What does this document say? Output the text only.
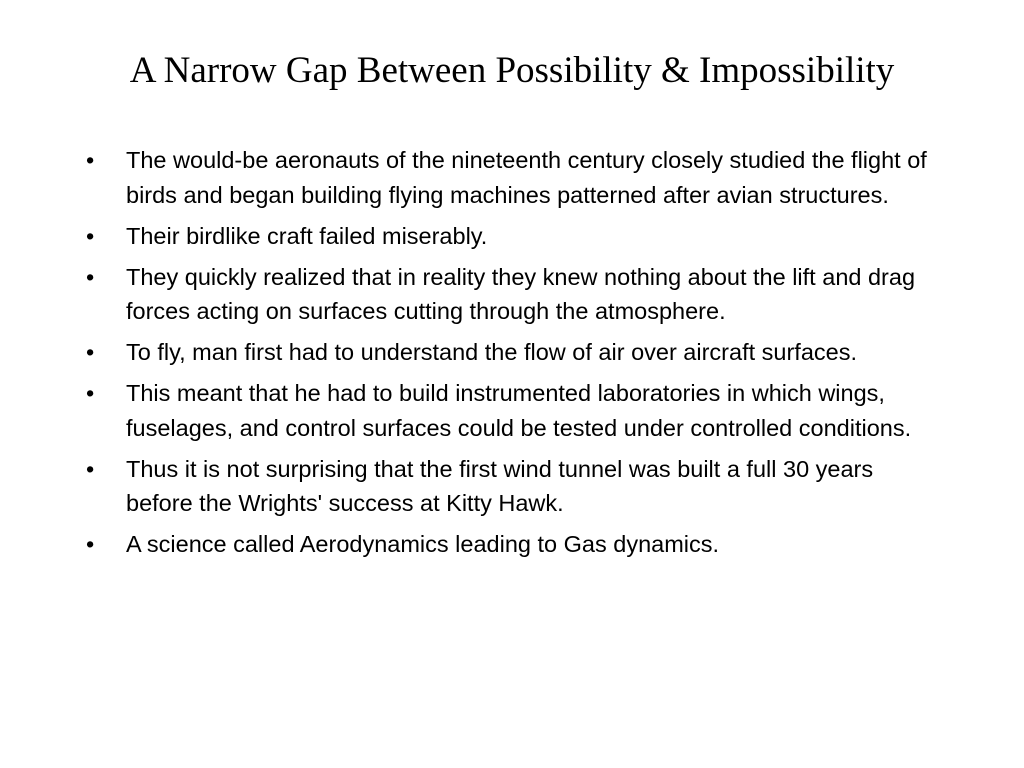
A Narrow Gap Between Possibility & Impossibility
• The would-be aeronauts of the nineteenth century closely studied the flight of birds and began building flying machines patterned after avian structures.
• Their birdlike craft failed miserably.
• They quickly realized that in reality they knew nothing about the lift and drag forces acting on surfaces cutting through the atmosphere.
• To fly, man first had to understand the flow of air over aircraft surfaces.
• This meant that he had to build instrumented laboratories in which wings, fuselages, and control surfaces could be tested under controlled conditions.
• Thus it is not surprising that the first wind tunnel was built a full 30 years before the Wrights' success at Kitty Hawk.
• A science called Aerodynamics leading to Gas dynamics.
